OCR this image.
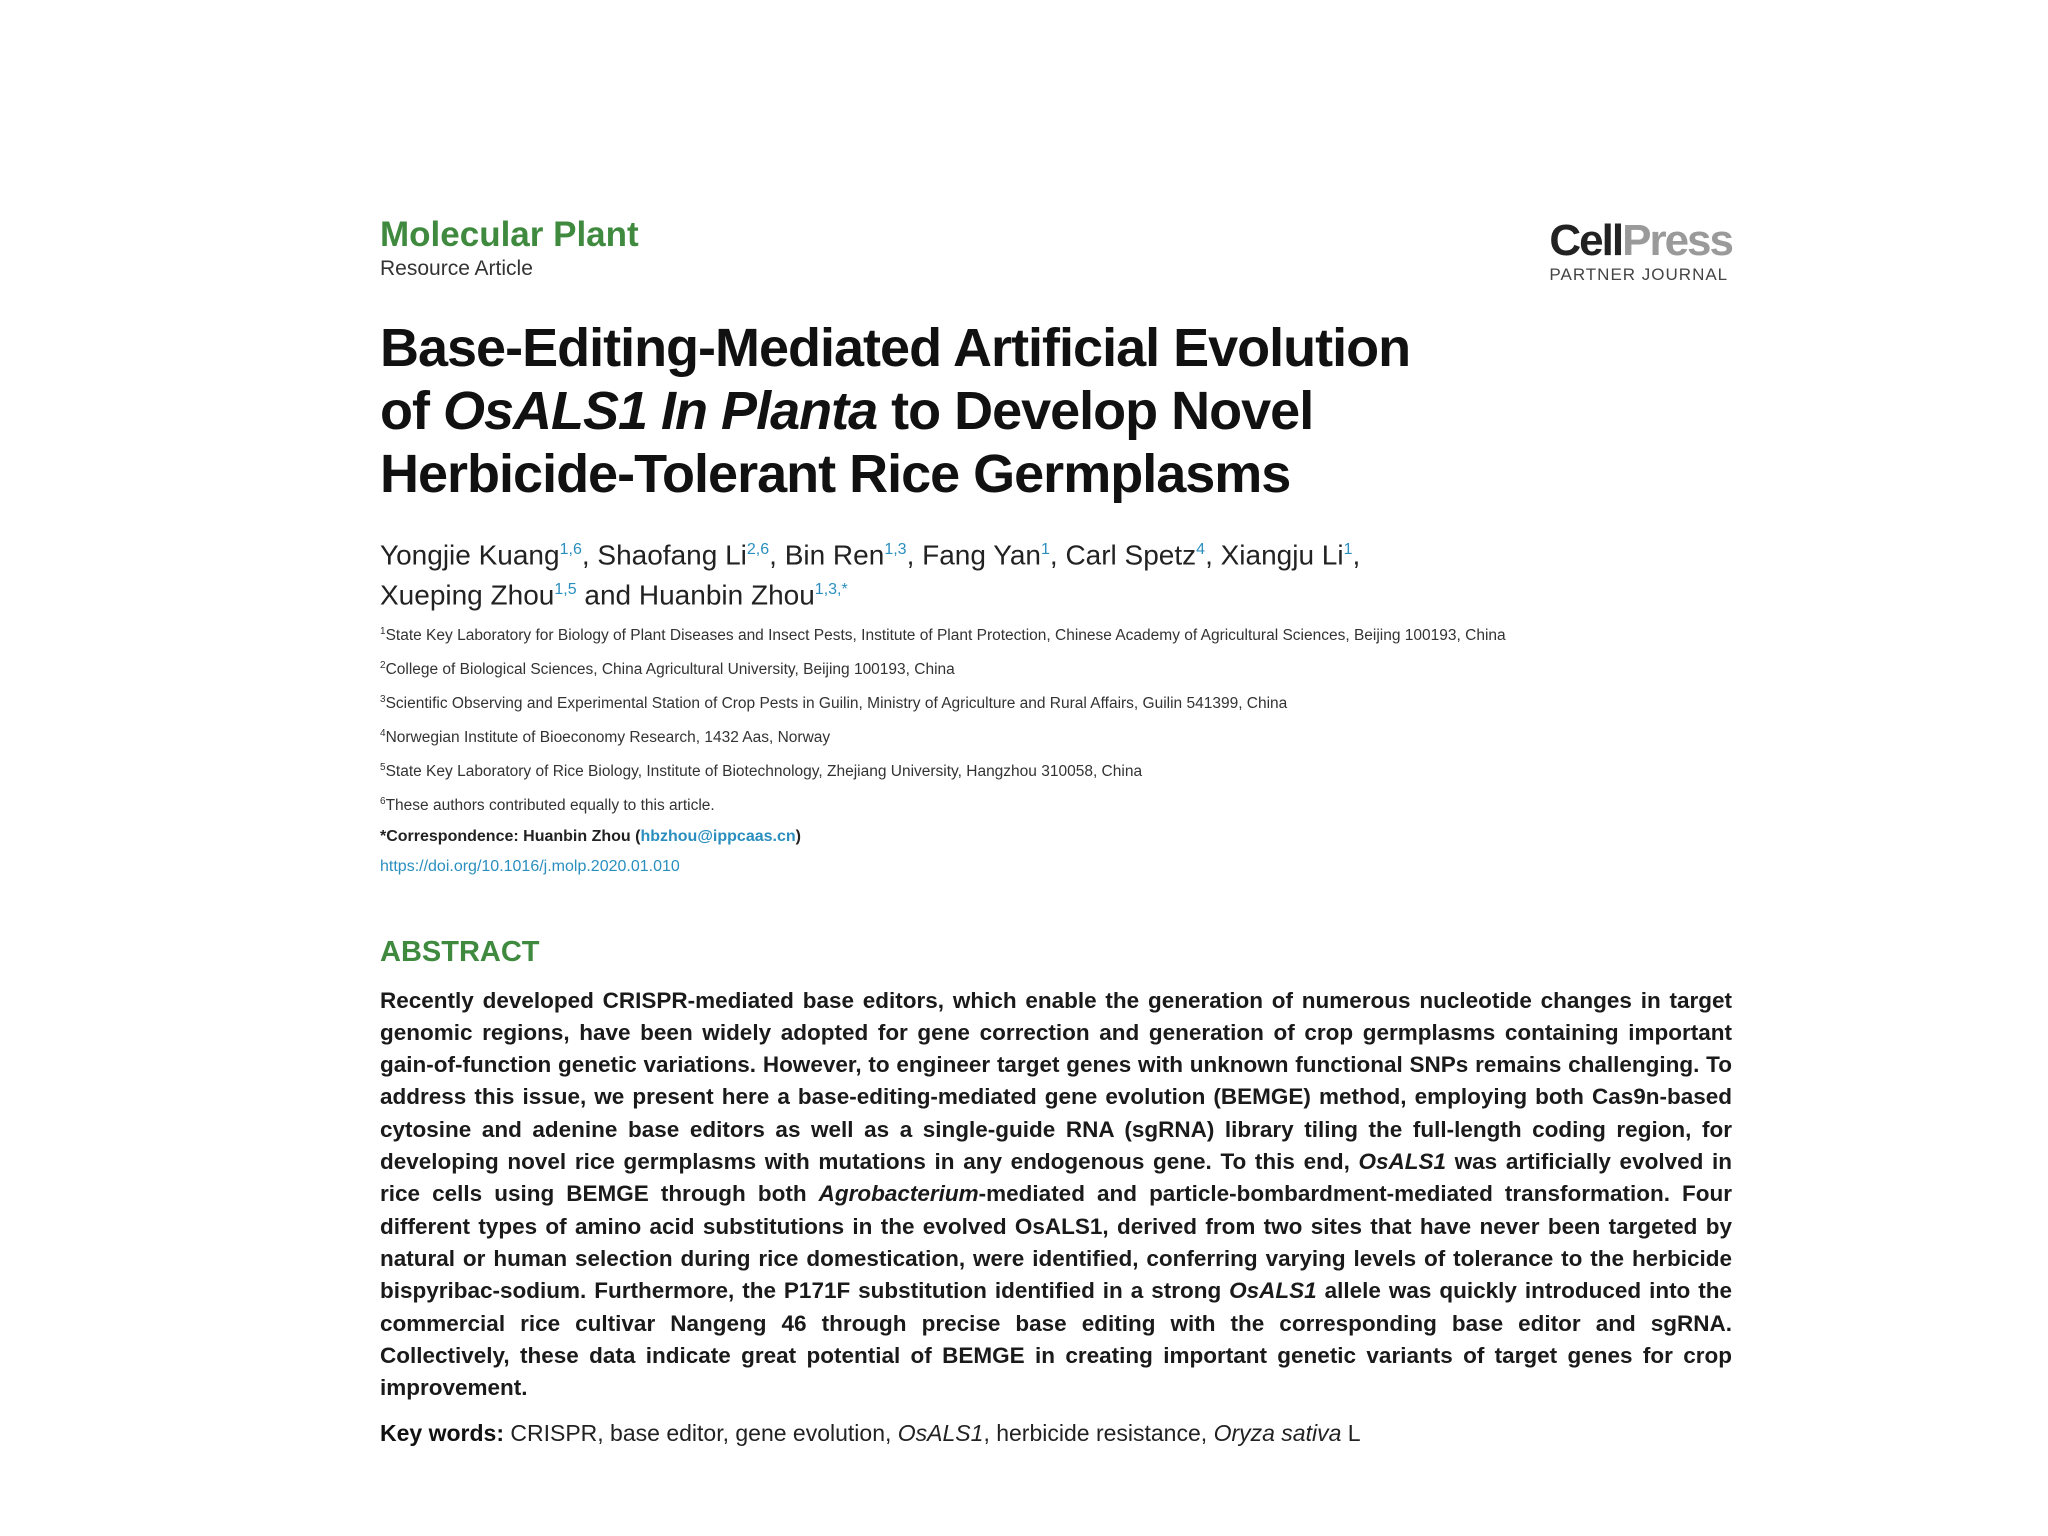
Molecular Plant
Resource Article
CellPress
PARTNER JOURNAL
Base-Editing-Mediated Artificial Evolution
of OsALS1 In Planta to Develop Novel
Herbicide-Tolerant Rice Germplasms
Yongjie Kuang$^{1,6}$, Shaofang Li$^{2,6}$, Bin Ren$^{1,3}$, Fang Yan$^1$, Carl Spetz$^4$, Xiangju Li$^1$,
Xueping Zhou$^{1,5}$ and Huanbin Zhou$^{1,3,*}$
$^1$State Key Laboratory for Biology of Plant Diseases and Insect Pests, Institute of Plant Protection, Chinese Academy of Agricultural Sciences, Beijing 100193, China
$^2$College of Biological Sciences, China Agricultural University, Beijing 100193, China
$^3$Scientific Observing and Experimental Station of Crop Pests in Guilin, Ministry of Agriculture and Rural Affairs, Guilin 541399, China
$^4$Norwegian Institute of Bioeconomy Research, 1432 Aas, Norway
$^5$State Key Laboratory of Rice Biology, Institute of Biotechnology, Zhejiang University, Hangzhou 310058, China
$^6$These authors contributed equally to this article.
*Correspondence: Huanbin Zhou (hbzhou@ippcaas.cn)
https://doi.org/10.1016/j.molp.2020.01.010
ABSTRACT
Recently developed CRISPR-mediated base editors, which enable the generation of numerous nucleotide changes in target genomic regions, have been widely adopted for gene correction and generation of crop germplasms containing important gain-of-function genetic variations. However, to engineer target genes with unknown functional SNPs remains challenging. To address this issue, we present here a base-editing-mediated gene evolution (BEMGE) method, employing both Cas9n-based cytosine and adenine base editors as well as a single-guide RNA (sgRNA) library tiling the full-length coding region, for developing novel rice germplasms with mutations in any endogenous gene. To this end, OsALS1 was artificially evolved in rice cells using BEMGE through both Agrobacterium-mediated and particle-bombardment-mediated transformation. Four different types of amino acid substitutions in the evolved OsALS1, derived from two sites that have never been targeted by natural or human selection during rice domestication, were identified, conferring varying levels of tolerance to the herbicide bispyribac-sodium. Furthermore, the P171F substitution identified in a strong OsALS1 allele was quickly introduced into the commercial rice cultivar Nangeng 46 through precise base editing with the corresponding base editor and sgRNA. Collectively, these data indicate great potential of BEMGE in creating important genetic variants of target genes for crop improvement.
Key words: CRISPR, base editor, gene evolution, OsALS1, herbicide resistance, Oryza sativa L
